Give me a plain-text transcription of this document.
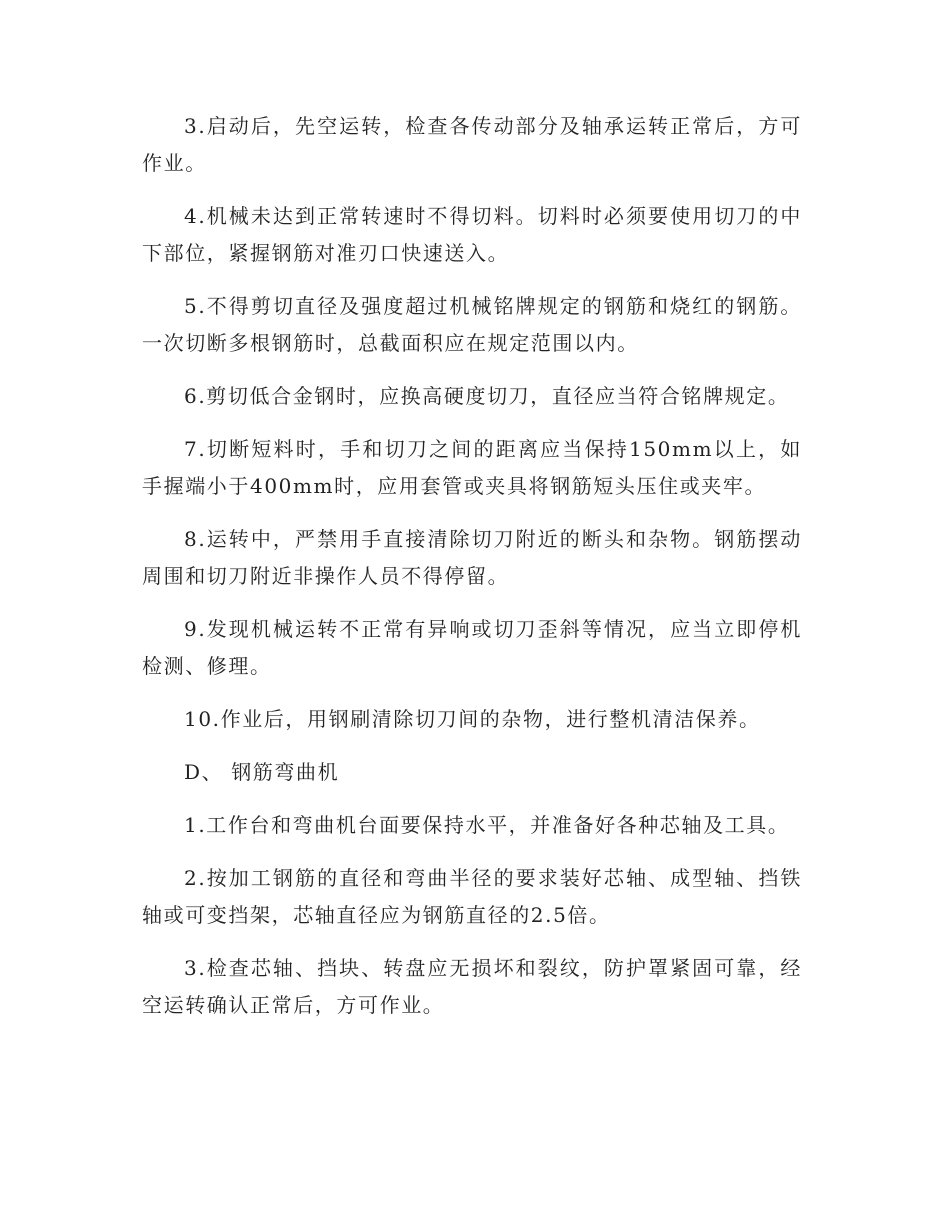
3.启动后，先空运转，检查各传动部分及轴承运转正常后，方可作业。

4.机械未达到正常转速时不得切料。切料时必须要使用切刀的中下部位，紧握钢筋对准刃口快速送入。

5.不得剪切直径及强度超过机械铭牌规定的钢筋和烧红的钢筋。一次切断多根钢筋时，总截面积应在规定范围以内。

6.剪切低合金钢时，应换高硬度切刀，直径应当符合铭牌规定。

7.切断短料时，手和切刀之间的距离应当保持150mm以上，如手握端小于400mm时，应用套管或夹具将钢筋短头压住或夹牢。

8.运转中，严禁用手直接清除切刀附近的断头和杂物。钢筋摆动周围和切刀附近非操作人员不得停留。

9.发现机械运转不正常有异响或切刀歪斜等情况，应当立即停机检测、修理。

10.作业后，用钢刷清除切刀间的杂物，进行整机清洁保养。

D、 钢筋弯曲机

1.工作台和弯曲机台面要保持水平，并准备好各种芯轴及工具。

2.按加工钢筋的直径和弯曲半径的要求装好芯轴、成型轴、挡铁轴或可变挡架，芯轴直径应为钢筋直径的2.5倍。

3.检查芯轴、挡块、转盘应无损坏和裂纹，防护罩紧固可靠，经空运转确认正常后，方可作业。
